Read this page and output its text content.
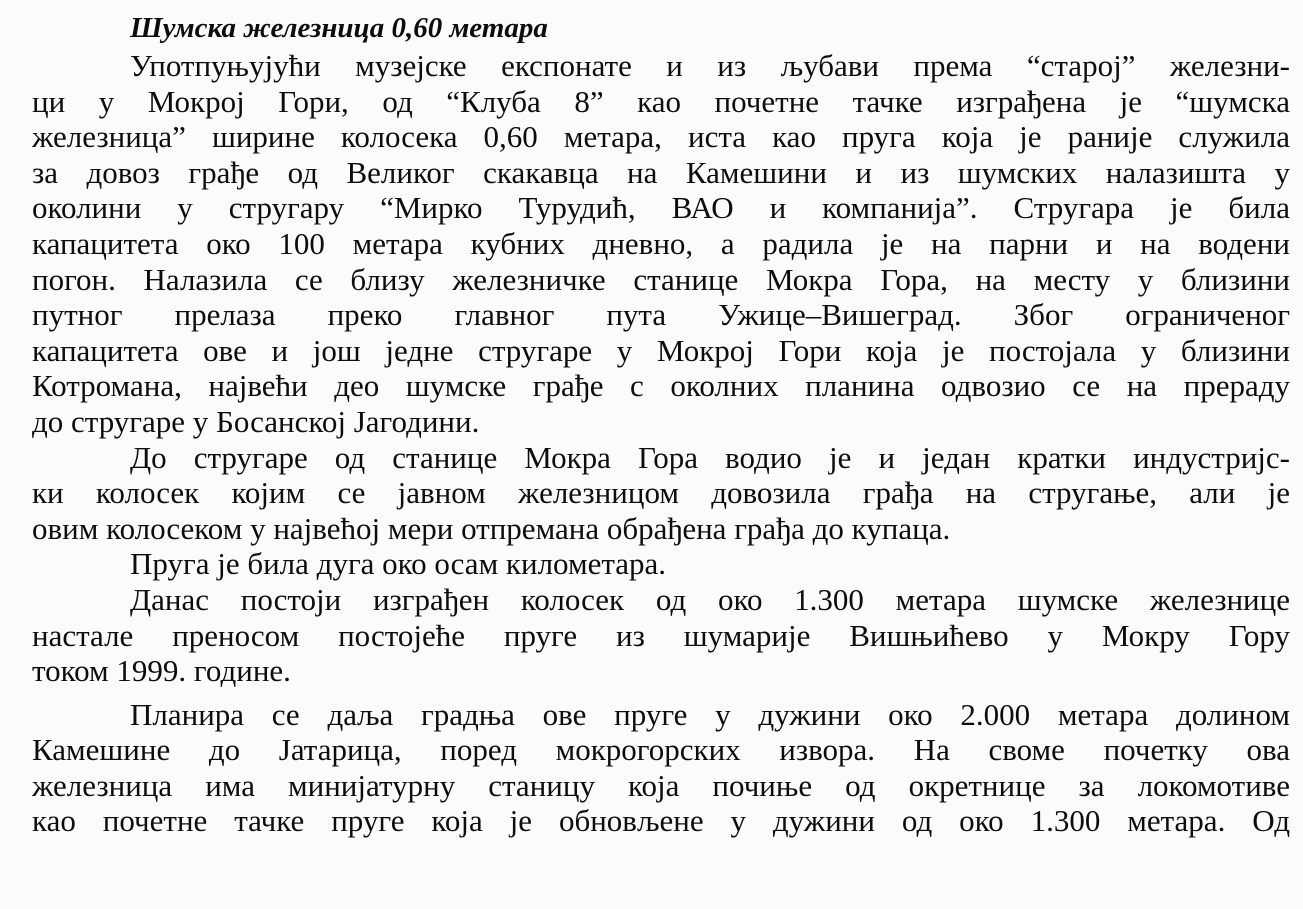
Шумска железница 0,60 метара
Употпуњујући музејске експонате и из љубави према “старој” железни-
ци у Мокрој Гори, од “Клуба 8” као почетне тачке изграђена је “шумска
железница” ширине колосека 0,60 метара, иста као пруга која је раније служила
за довоз грађе од Великог скакавца на Камешини и из шумских налазишта у
околини у стругару “Мирко Турудић, ВАО и компанија”. Стругара је била
капацитета око 100 метара кубних дневно, а радила је на парни и на водени
погон. Налазила се близу железничке станице Мокра Гора, на месту у близини
путног прелаза преко главног пута Ужице–Вишеград. Због ограниченог
капацитета ове и још једне стругаре у Мокрој Гори која је постојала у близини
Котромана, највећи део шумске грађе с околних планина одвозио се на прераду
до стругаре у Босанској Јагодини.
До стругаре од станице Мокра Гора водио је и један кратки индустријс-
ки колосек којим се јавном железницом довозила грађа на стругање, али је
овим колосеком у највећој мери отпремана обрађена грађа до купаца.
Пруга је била дуга око осам километара.
Данас постоји изграђен колосек од око 1.300 метара шумске железнице
настале преносом постојеће пруге из шумарије Вишњићево у Мокру Гору
током 1999. године.
Планира се даља градња ове пруге у дужини око 2.000 метара долином
Камешине до Јатарица, поред мокрогорских извора. На своме почетку ова
железница има минијатурну станицу која почиње од окретнице за локомотиве
као почетне тачке пруге која је обновљене у дужини од око 1.300 метара. Од
